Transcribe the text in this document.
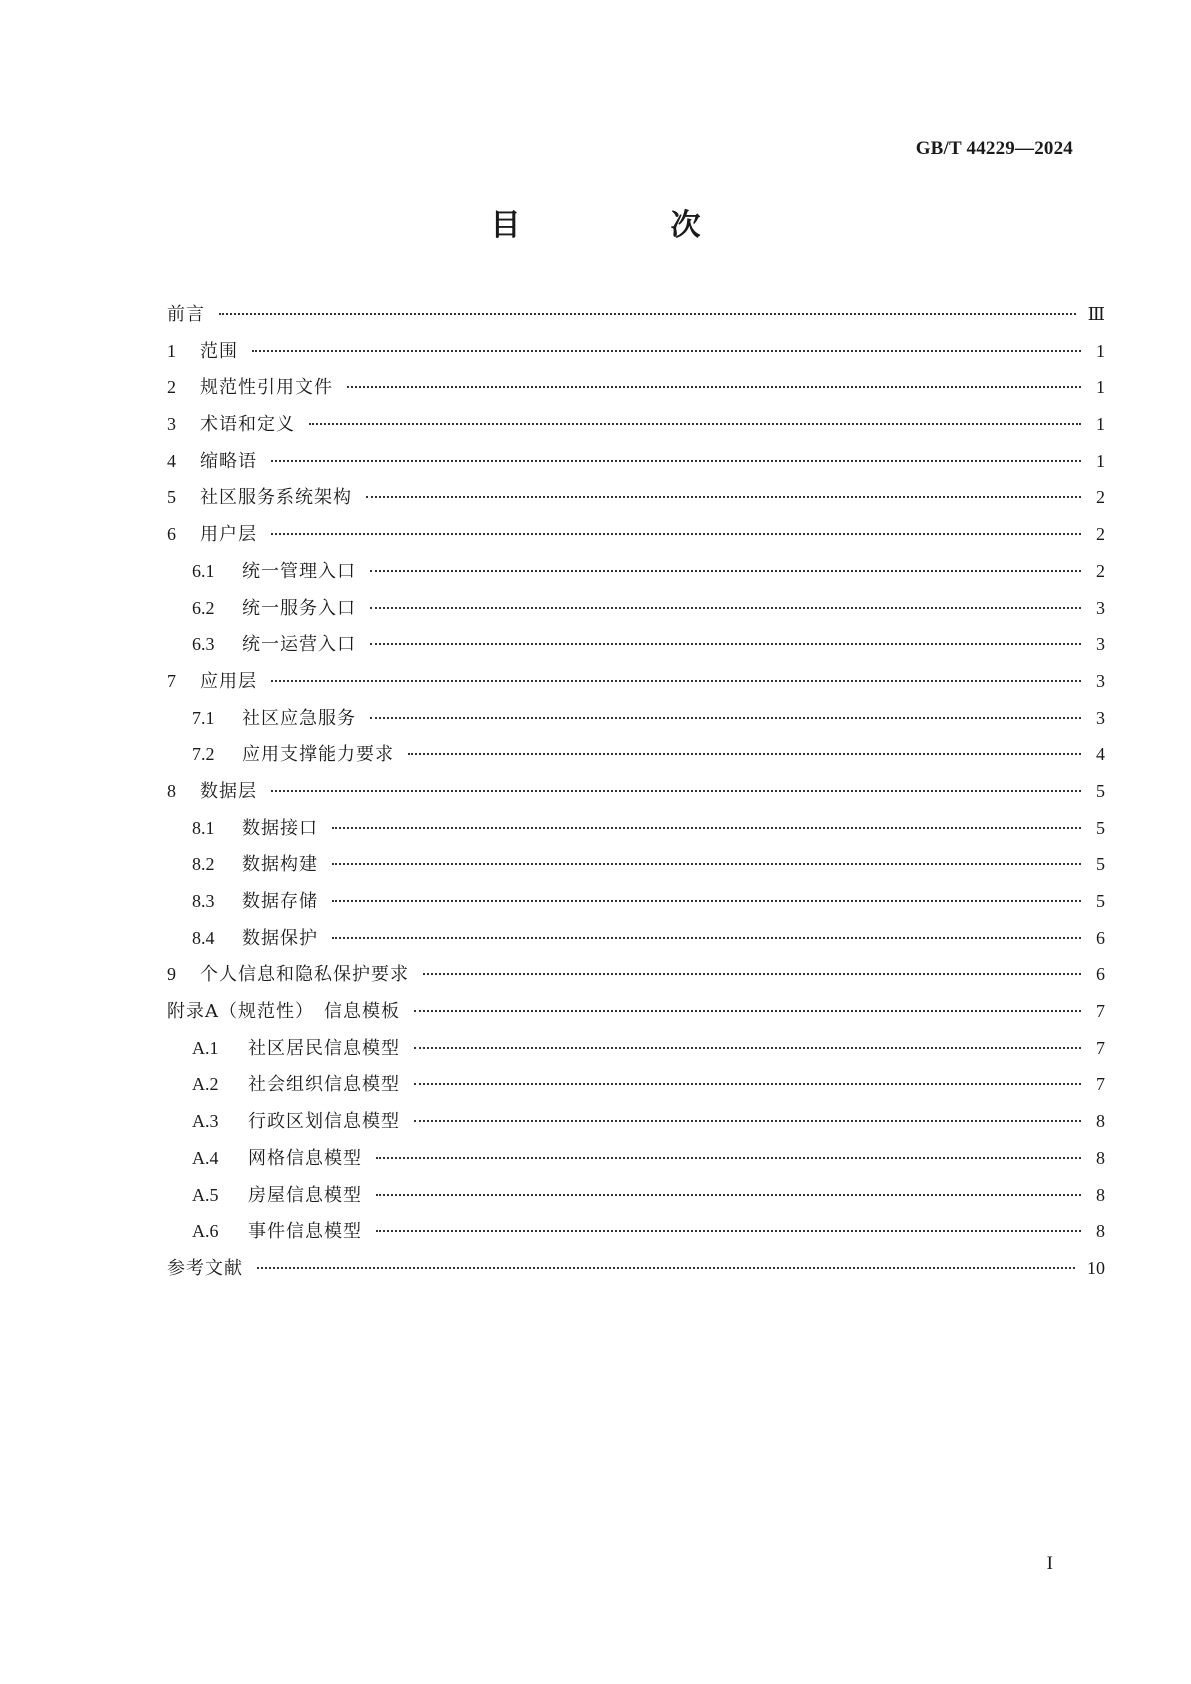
GB/T 44229—2024
目　次
前言	Ⅲ
1	范围	1
2	规范性引用文件	1
3	术语和定义	1
4	缩略语	1
5	社区服务系统架构	2
6	用户层	2
6.1	统一管理入口	2
6.2	统一服务入口	3
6.3	统一运营入口	3
7	应用层	3
7.1	社区应急服务	3
7.2	应用支撑能力要求	4
8	数据层	5
8.1	数据接口	5
8.2	数据构建	5
8.3	数据存储	5
8.4	数据保护	6
9	个人信息和隐私保护要求	6
附录A（规范性）　信息模板	7
A.1	社区居民信息模型	7
A.2	社会组织信息模型	7
A.3	行政区划信息模型	8
A.4	网格信息模型	8
A.5	房屋信息模型	8
A.6	事件信息模型	8
参考文献	10
I
